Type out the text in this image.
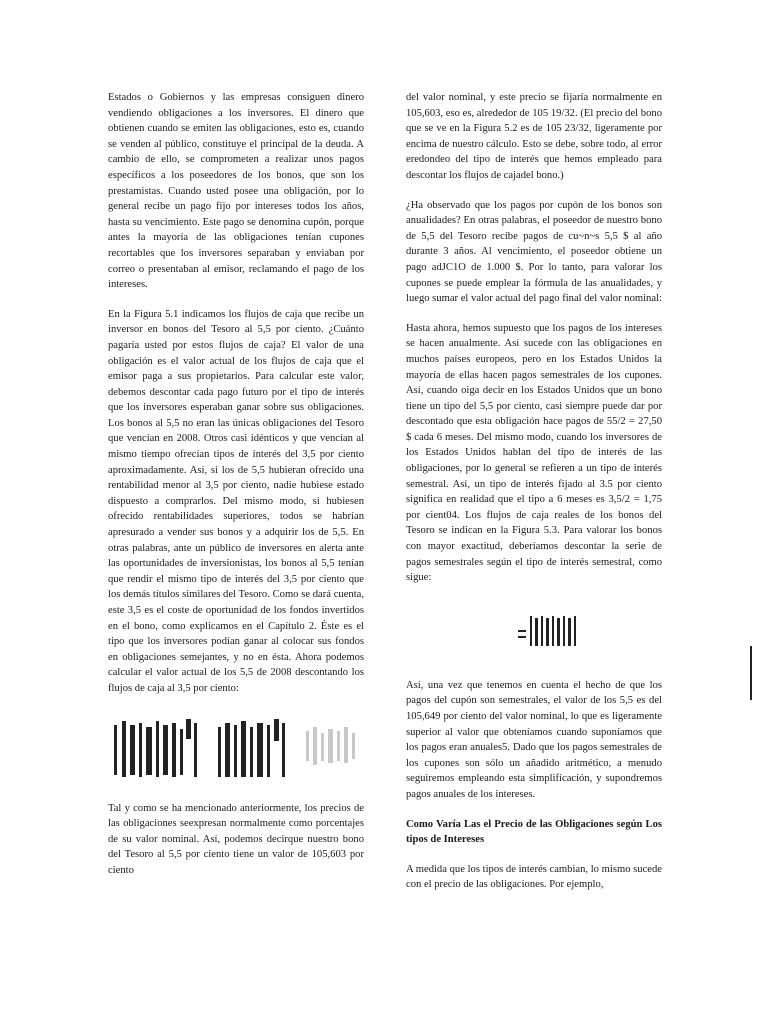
Estados o Gobiernos y las empresas consiguen dinero vendiendo obligaciones a los inversores. El dinero que obtienen cuando se emiten las obligaciones, esto es, cuando se venden al público, constituye el principal de la deuda. A cambio de ello, se comprometen a realizar unos pagos específicos a los poseedores de los bonos, que son los prestamistas. Cuando usted posee una obligación, por lo general recibe un pago fijo por intereses todos los años, hasta su vencimiento. Este pago se denomina cupón, porque antes la mayoría de las obligaciones tenían cupones recortables que los inversores separaban y enviaban por correo o presentaban al emisor, reclamando el pago de los intereses.

En la Figura 5.1 indicamos los flujos de caja que recibe un inversor en bonos del Tesoro al 5,5 por ciento. ¿Cuánto pagaría usted por estos flujos de caja? El valor de una obligación es el valor actual de los flujos de caja que el emisor paga a sus propietarios. Para calcular este valor, debemos descontar cada pago futuro por el tipo de interés que los inversores esperaban ganar sobre sus obligaciones. Los bonos al 5,5 no eran las únicas obligaciones del Tesoro que vencían en 2008. Otros casi idénticos y que vencían al mismo tiempo ofrecían tipos de interés del 3,5 por ciento aproximadamente. Así, si los de 5,5 hubieran ofrecido una rentabilidad menor al 3,5 por ciento, nadie hubiese estado dispuesto a comprarlos. Del mismo modo, si hubiesen ofrecido rentabilidades superiores, todos se habrían apresurado a vender sus bonos y a adquirir los de 5,5. En otras palabras, ante un público de inversores en alerta ante las oportunidades de inversionistas, los bonos al 5,5 tenían que rendir el mismo tipo de interés del 3,5 por ciento que los demás títulos similares del Tesoro. Como se dará cuenta, este 3,5 es el coste de oportunidad de los fondos invertidos en el bono, como explicamos en el Capítulo 2. Éste es el tipo que los inversores podían ganar al colocar sus fondos en obligaciones semejantes, y no en ésta. Ahora podemos calcular el valor actual de los 5,5 de 2008 descontando los flujos de caja al 3,5 por ciento:

(1,035)²	(1,035)³

Tal y como se ha mencionado anteriormente, los precios de las obligaciones seexpresan normalmente como porcentajes de su valor nominal. Así, podemos decirque nuestro bono del Tesoro al 5,5 por ciento tiene un valor de 105,603 por ciento

del valor nominal, y este precio se fijaría normalmente en 105,603, eso es, alrededor de 105 19/32. (El precio del bono que se ve en la Figura 5.2 es de 105 23/32, ligeramente por encima de nuestro cálculo. Esto se debe, sobre todo, al error eredondeo del tipo de interés que hemos empleado para descontar los flujos de cajadel bono.)

¿Ha observado que los pagos por cupón de los bonos son anualidades? En otras palabras, el poseedor de nuestro bono de 5,5 del Tesoro recibe pagos de cu~n~s 5,5 $ al año durante 3 años. Al vencimiento, el poseedor obtiene un pago adJC1O de 1.000 $. Por lo tanto, para valorar los cupones se puede emplear la fórmula de las anualidades, y luego sumar el valor actual del pago final del valor nominal:

Hasta ahora, hemos supuesto que los pagos de los intereses se hacen anualmente. Así sucede con las obligaciones en muchos países europeos, pero en los Estados Unidos la mayoría de ellas hacen pagos semestrales de los cupones. Así, cuando oiga decir en los Estados Unidos que un bono tiene un tipo del 5,5 por ciento, casi siempre puede dar por descontado que esta obligación hace pagos de 55/2 = 27,50 $ cada 6 meses. Del mismo modo, cuando los inversores de los Estados Unidos hablan del tipo de interés de las obligaciones, por lo general se refieren a un tipo de interés semestral. Así, un tipo de interés fijado al 3.5 por ciento significa en realidad que el tipo a 6 meses es 3,5/2 = 1,75 por cient04. Los flujos de caja reales de los bonos del Tesoro se indican en la Figura 5.3. Para valorar los bonos con mayor exactitud, deberíamos descontar la serie de pagos semestrales según el tipo de interés semestral, como sigue:

= 105,649 $

Así, una vez que tenemos en cuenta el hecho de que los pagos del cupón son semestrales, el valor de los 5,5 es del 105,649 por ciento del valor nominal, lo que es ligeramente superior al valor que obteníamos cuando suponíamos que los pagos eran anuales5. Dado que los pagos semestrales de los cupones son sólo un añadido aritmético, a menudo seguiremos empleando esta simplificación, y supondremos pagos anuales de los intereses.

Como Varía Las el Precio de las Obligaciones según Los tipos de Intereses

A medida que los tipos de interés cambian, lo mismo sucede con el precio de las obligaciones. Por ejemplo,
